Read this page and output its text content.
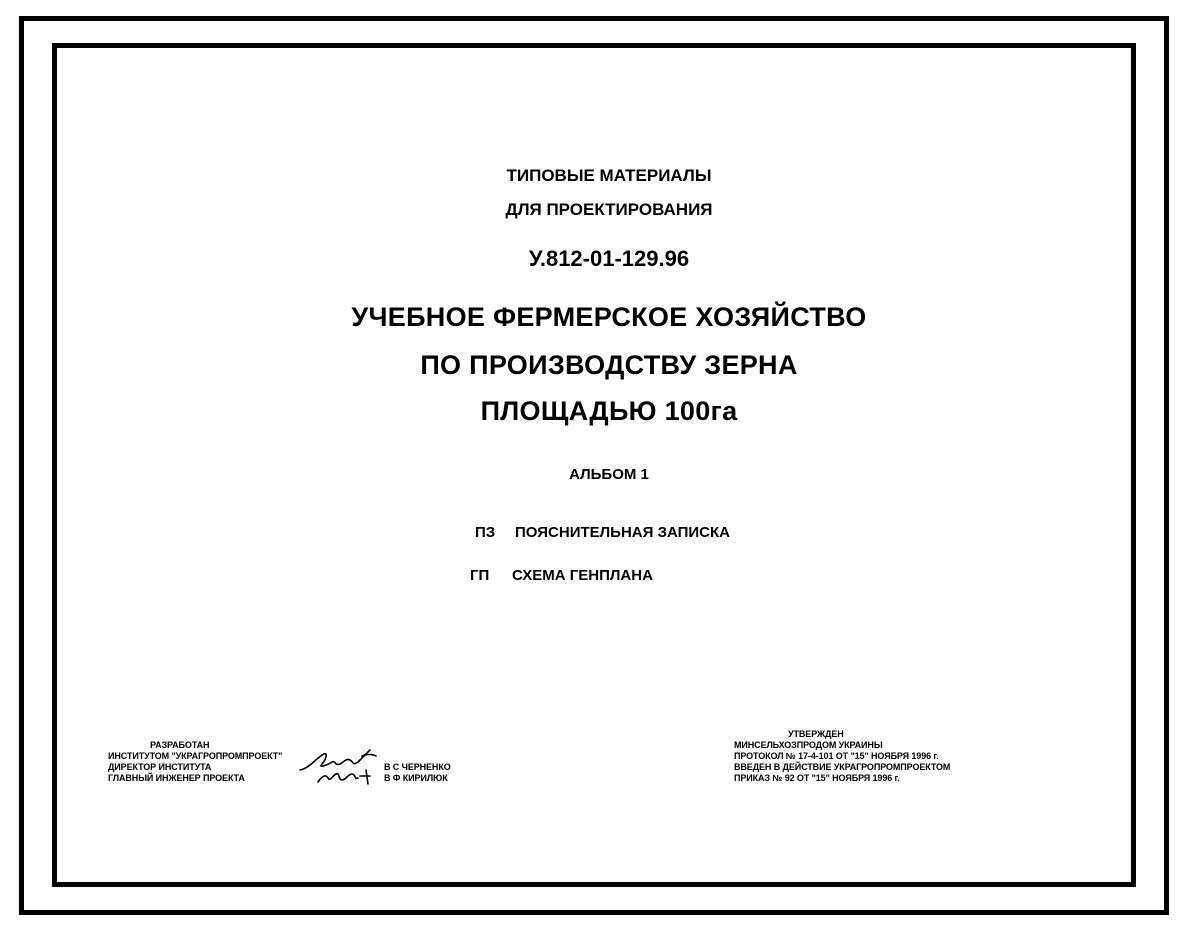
ТИПОВЫЕ МАТЕРИАЛЫ
ДЛЯ ПРОЕКТИРОВАНИЯ
У.812-01-129.96
УЧЕБНОЕ ФЕРМЕРСКОЕ ХОЗЯЙСТВО
ПО ПРОИЗВОДСТВУ ЗЕРНА
ПЛОЩАДЬЮ 100га
АЛЬБОМ 1
ПЗ ПОЯСНИТЕЛЬНАЯ ЗАПИСКА
ГП СХЕМА ГЕНПЛАНА
РАЗРАБОТАН
ИНСТИТУТОМ "УКРАГРОПРОМПРОЕКТ"
ДИРЕКТОР ИНСТИТУТА
ГЛАВНЫЙ ИНЖЕНЕР ПРОЕКТА
В С ЧЕРНЕНКО
В Ф КИРИЛЮК
УТВЕРЖДЕН
МИНСЕЛЬХОЗПРОДОМ УКРАИНЫ
ПРОТОКОЛ № 17-4-101 ОТ "15" НОЯБРЯ 1996 г.
ВВЕДЕН В ДЕЙСТВИЕ УКРАГРОПРОМПРОЕКТОМ
ПРИКАЗ № 92 ОТ "15" НОЯБРЯ 1996 г.
